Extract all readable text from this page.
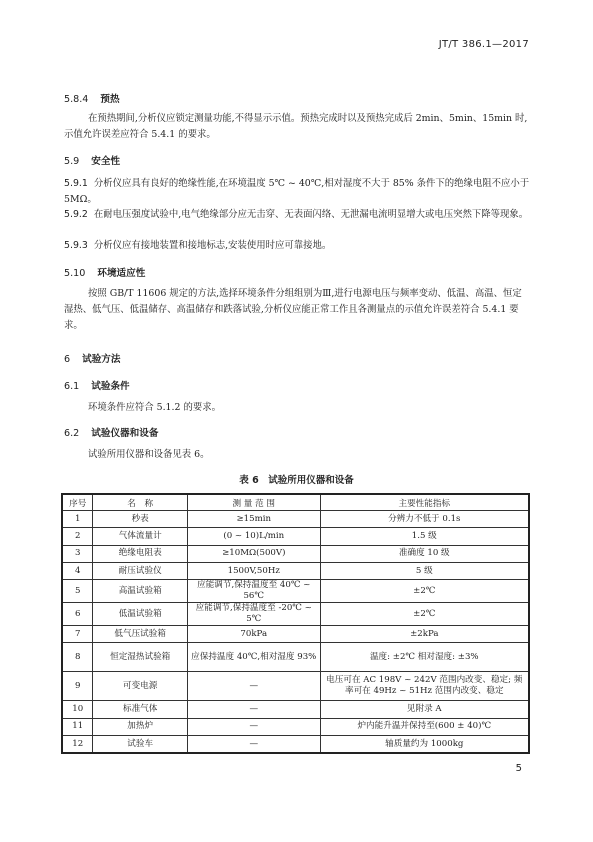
JT/T 386.1—2017
5.8.4 预热
在预热期间,分析仪应锁定测量功能,不得显示示值。预热完成时以及预热完成后 2min、5min、15min 时,示值允许误差应符合 5.4.1 的要求。
5.9 安全性
5.9.1 分析仪应具有良好的绝缘性能,在环境温度 5℃ ~ 40℃,相对湿度不大于 85% 条件下的绝缘电阻不应小于 5MΩ。
5.9.2 在耐电压强度试验中,电气绝缘部分应无击穿、无表面闪络、无泄漏电流明显增大或电压突然下降等现象。
5.9.3 分析仪应有接地装置和接地标志,安装使用时应可靠接地。
5.10 环境适应性
按照 GB/T 11606 规定的方法,选择环境条件分组组别为Ⅲ,进行电源电压与频率变动、低温、高温、恒定湿热、低气压、低温储存、高温储存和跌落试验,分析仪应能正常工作且各测量点的示值允许误差符合 5.4.1 要求。
6 试验方法
6.1 试验条件
环境条件应符合 5.1.2 的要求。
6.2 试验仪器和设备
试验所用仪器和设备见表 6。
表 6　试验所用仪器和设备
序号	名　称	测 量 范 围	主要性能指标
1	秒表	≥15min	分辨力不低于 0.1s
2	气体流量计	(0 ~ 10)L/min	1.5 级
3	绝缘电阻表	≥10MΩ(500V)	准确度 10 级
4	耐压试验仪	1500V,50Hz	5 级
5	高温试验箱	应能调节,保持温度至 40℃ ~ 56℃	±2℃
6	低温试验箱	应能调节,保持温度至 -20℃ ~ 5℃	±2℃
7	低气压试验箱	70kPa	±2kPa
8	恒定湿热试验箱	应保持温度 40℃,相对湿度 93%	温度: ±2℃ 相对湿度: ±3%
9	可变电源	—	电压可在 AC 198V ~ 242V 范围内改变、稳定; 频率可在 49Hz ~ 51Hz 范围内改变、稳定
10	标准气体	—	见附录 A
11	加热炉	—	炉内能升温并保持至(600 ± 40)℃
12	试验车	—	轴质量约为 1000kg
5
